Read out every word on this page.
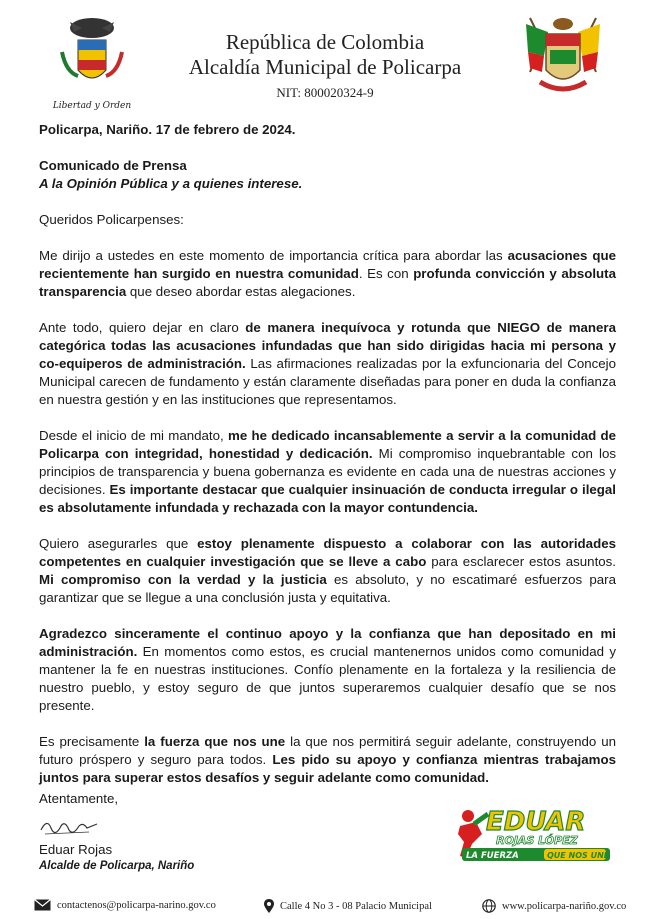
Libertad y Orden
República de Colombia
Alcaldía Municipal de Policarpa
NIT: 800020324-9

Policarpa, Nariño. 17 de febrero de 2024.

Comunicado de Prensa

A la Opinión Pública y a quienes interese.

Queridos Policarpenses:

Me dirijo a ustedes en este momento de importancia crítica para abordar las acusaciones que recientemente han surgido en nuestra comunidad. Es con profunda convicción y absoluta transparencia que deseo abordar estas alegaciones.

Ante todo, quiero dejar en claro de manera inequívoca y rotunda que NIEGO de manera categórica todas las acusaciones infundadas que han sido dirigidas hacia mi persona y co-equiperos de administración. Las afirmaciones realizadas por la exfuncionaria del Concejo Municipal carecen de fundamento y están claramente diseñadas para poner en duda la confianza en nuestra gestión y en las instituciones que representamos.

Desde el inicio de mi mandato, me he dedicado incansablemente a servir a la comunidad de Policarpa con integridad, honestidad y dedicación. Mi compromiso inquebrantable con los principios de transparencia y buena gobernanza es evidente en cada una de nuestras acciones y decisiones. Es importante destacar que cualquier insinuación de conducta irregular o ilegal es absolutamente infundada y rechazada con la mayor contundencia.

Quiero asegurarles que estoy plenamente dispuesto a colaborar con las autoridades competentes en cualquier investigación que se lleve a cabo para esclarecer estos asuntos. Mi compromiso con la verdad y la justicia es absoluto, y no escatimaré esfuerzos para garantizar que se llegue a una conclusión justa y equitativa.

Agradezco sinceramente el continuo apoyo y la confianza que han depositado en mi administración. En momentos como estos, es crucial mantenernos unidos como comunidad y mantener la fe en nuestras instituciones. Confío plenamente en la fortaleza y la resiliencia de nuestro pueblo, y estoy seguro de que juntos superaremos cualquier desafío que se nos presente.

Es precisamente la fuerza que nos une la que nos permitirá seguir adelante, construyendo un futuro próspero y seguro para todos. Les pido su apoyo y confianza mientras trabajamos juntos para superar estos desafíos y seguir adelante como comunidad.

Atentamente,
Eduar Rojas
Alcalde de Policarpa, Nariño
EDUAR
ROJAS LÓPEZ
LA FUERZA	QUE NOS UNE
contactenos@policarpa-narino.gov.co	Calle 4 No 3 - 08 Palacio Municipal	www.policarpa-nariño.gov.co
